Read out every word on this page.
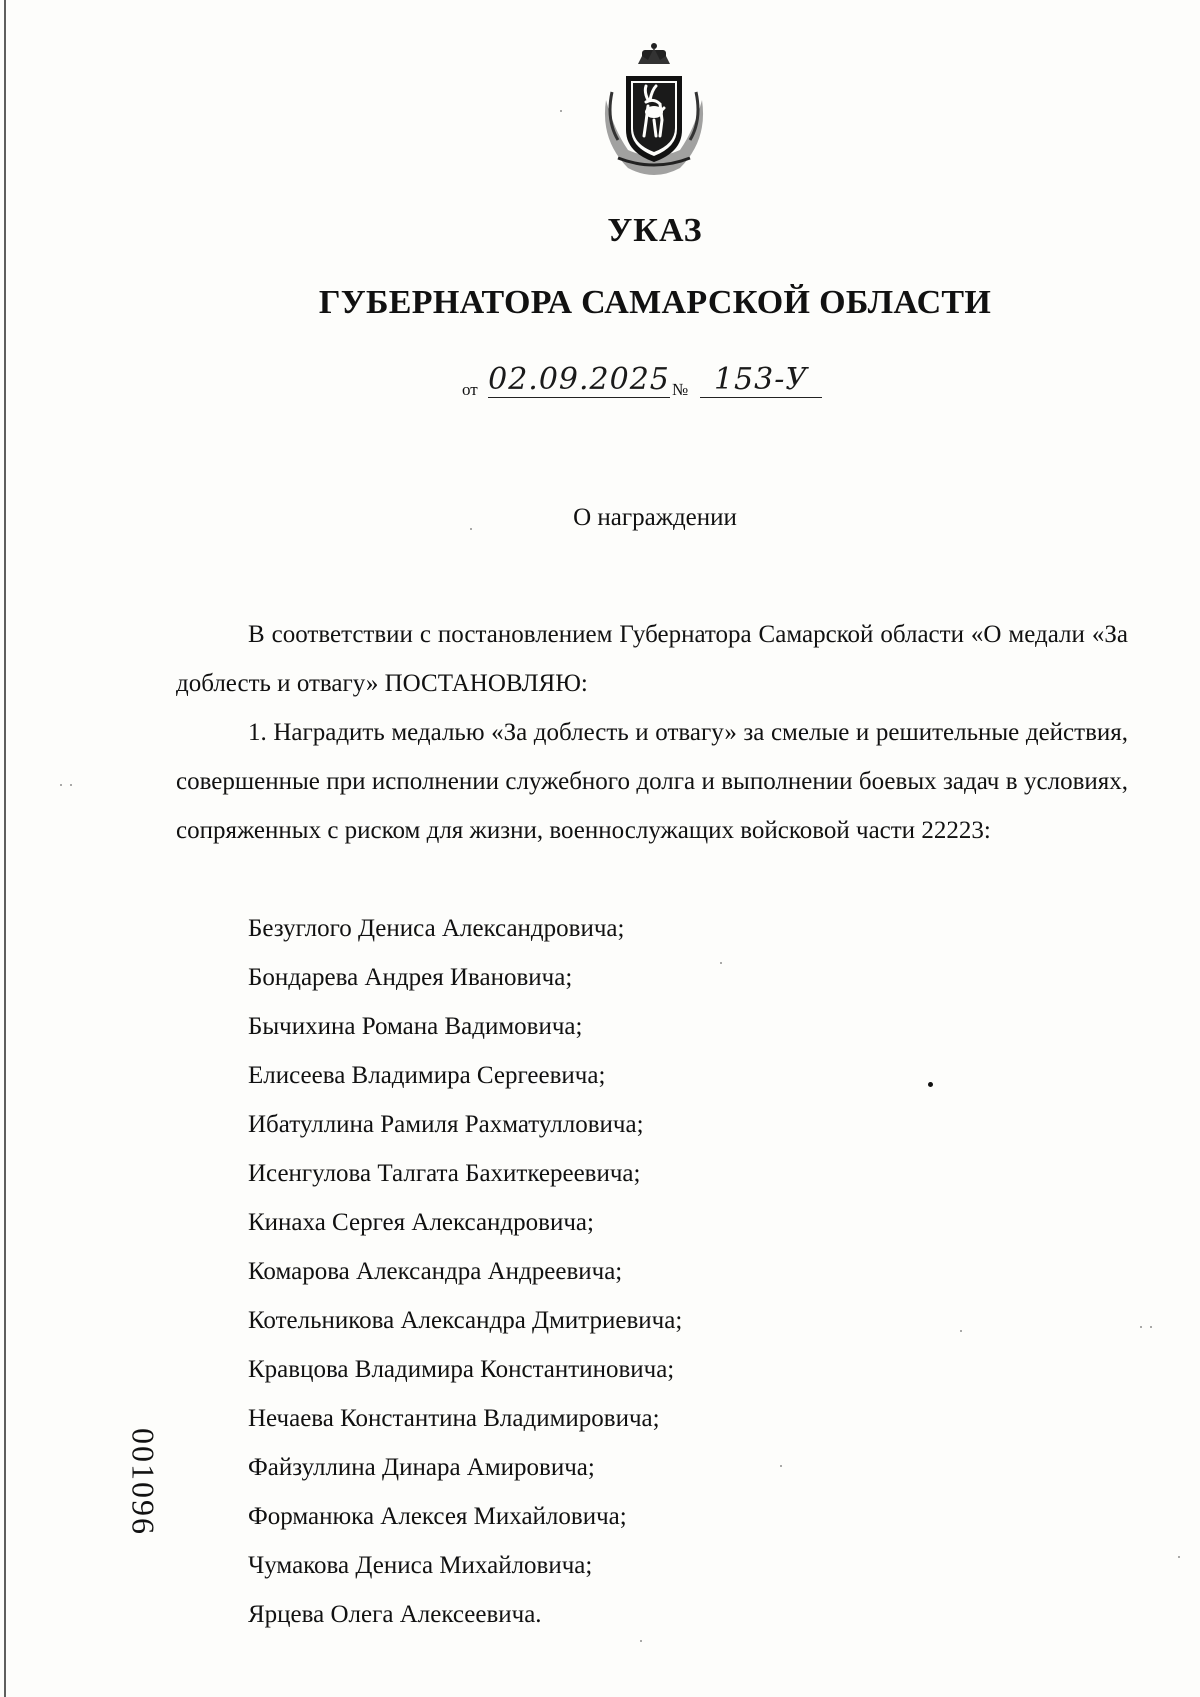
УКАЗ
ГУБЕРНАТОРА САМАРСКОЙ ОБЛАСТИ
от 02.09.2025 № 153-У

О награждении

В соответствии с постановлением Губернатора Самарской области «О медали «За доблесть и отвагу» ПОСТАНОВЛЯЮ:

1. Наградить медалью «За доблесть и отвагу» за смелые и решительные действия, совершенные при исполнении служебного долга и выполнении боевых задач в условиях, сопряженных с риском для жизни, военнослужащих войсковой части 22223:

Безуглого Дениса Александровича;
Бондарева Андрея Ивановича;
Бычихина Романа Вадимовича;
Елисеева Владимира Сергеевича;
Ибатуллина Рамиля Рахматулловича;
Исенгулова Талгата Бахиткереевича;
Кинаха Сергея Александровича;
Комарова Александра Андреевича;
Котельникова Александра Дмитриевича;
Кравцова Владимира Константиновича;
Нечаева Константина Владимировича;
Файзуллина Динара Амировича;
Форманюка Алексея Михайловича;
Чумакова Дениса Михайловича;
Ярцева Олега Алексеевича.
001096
